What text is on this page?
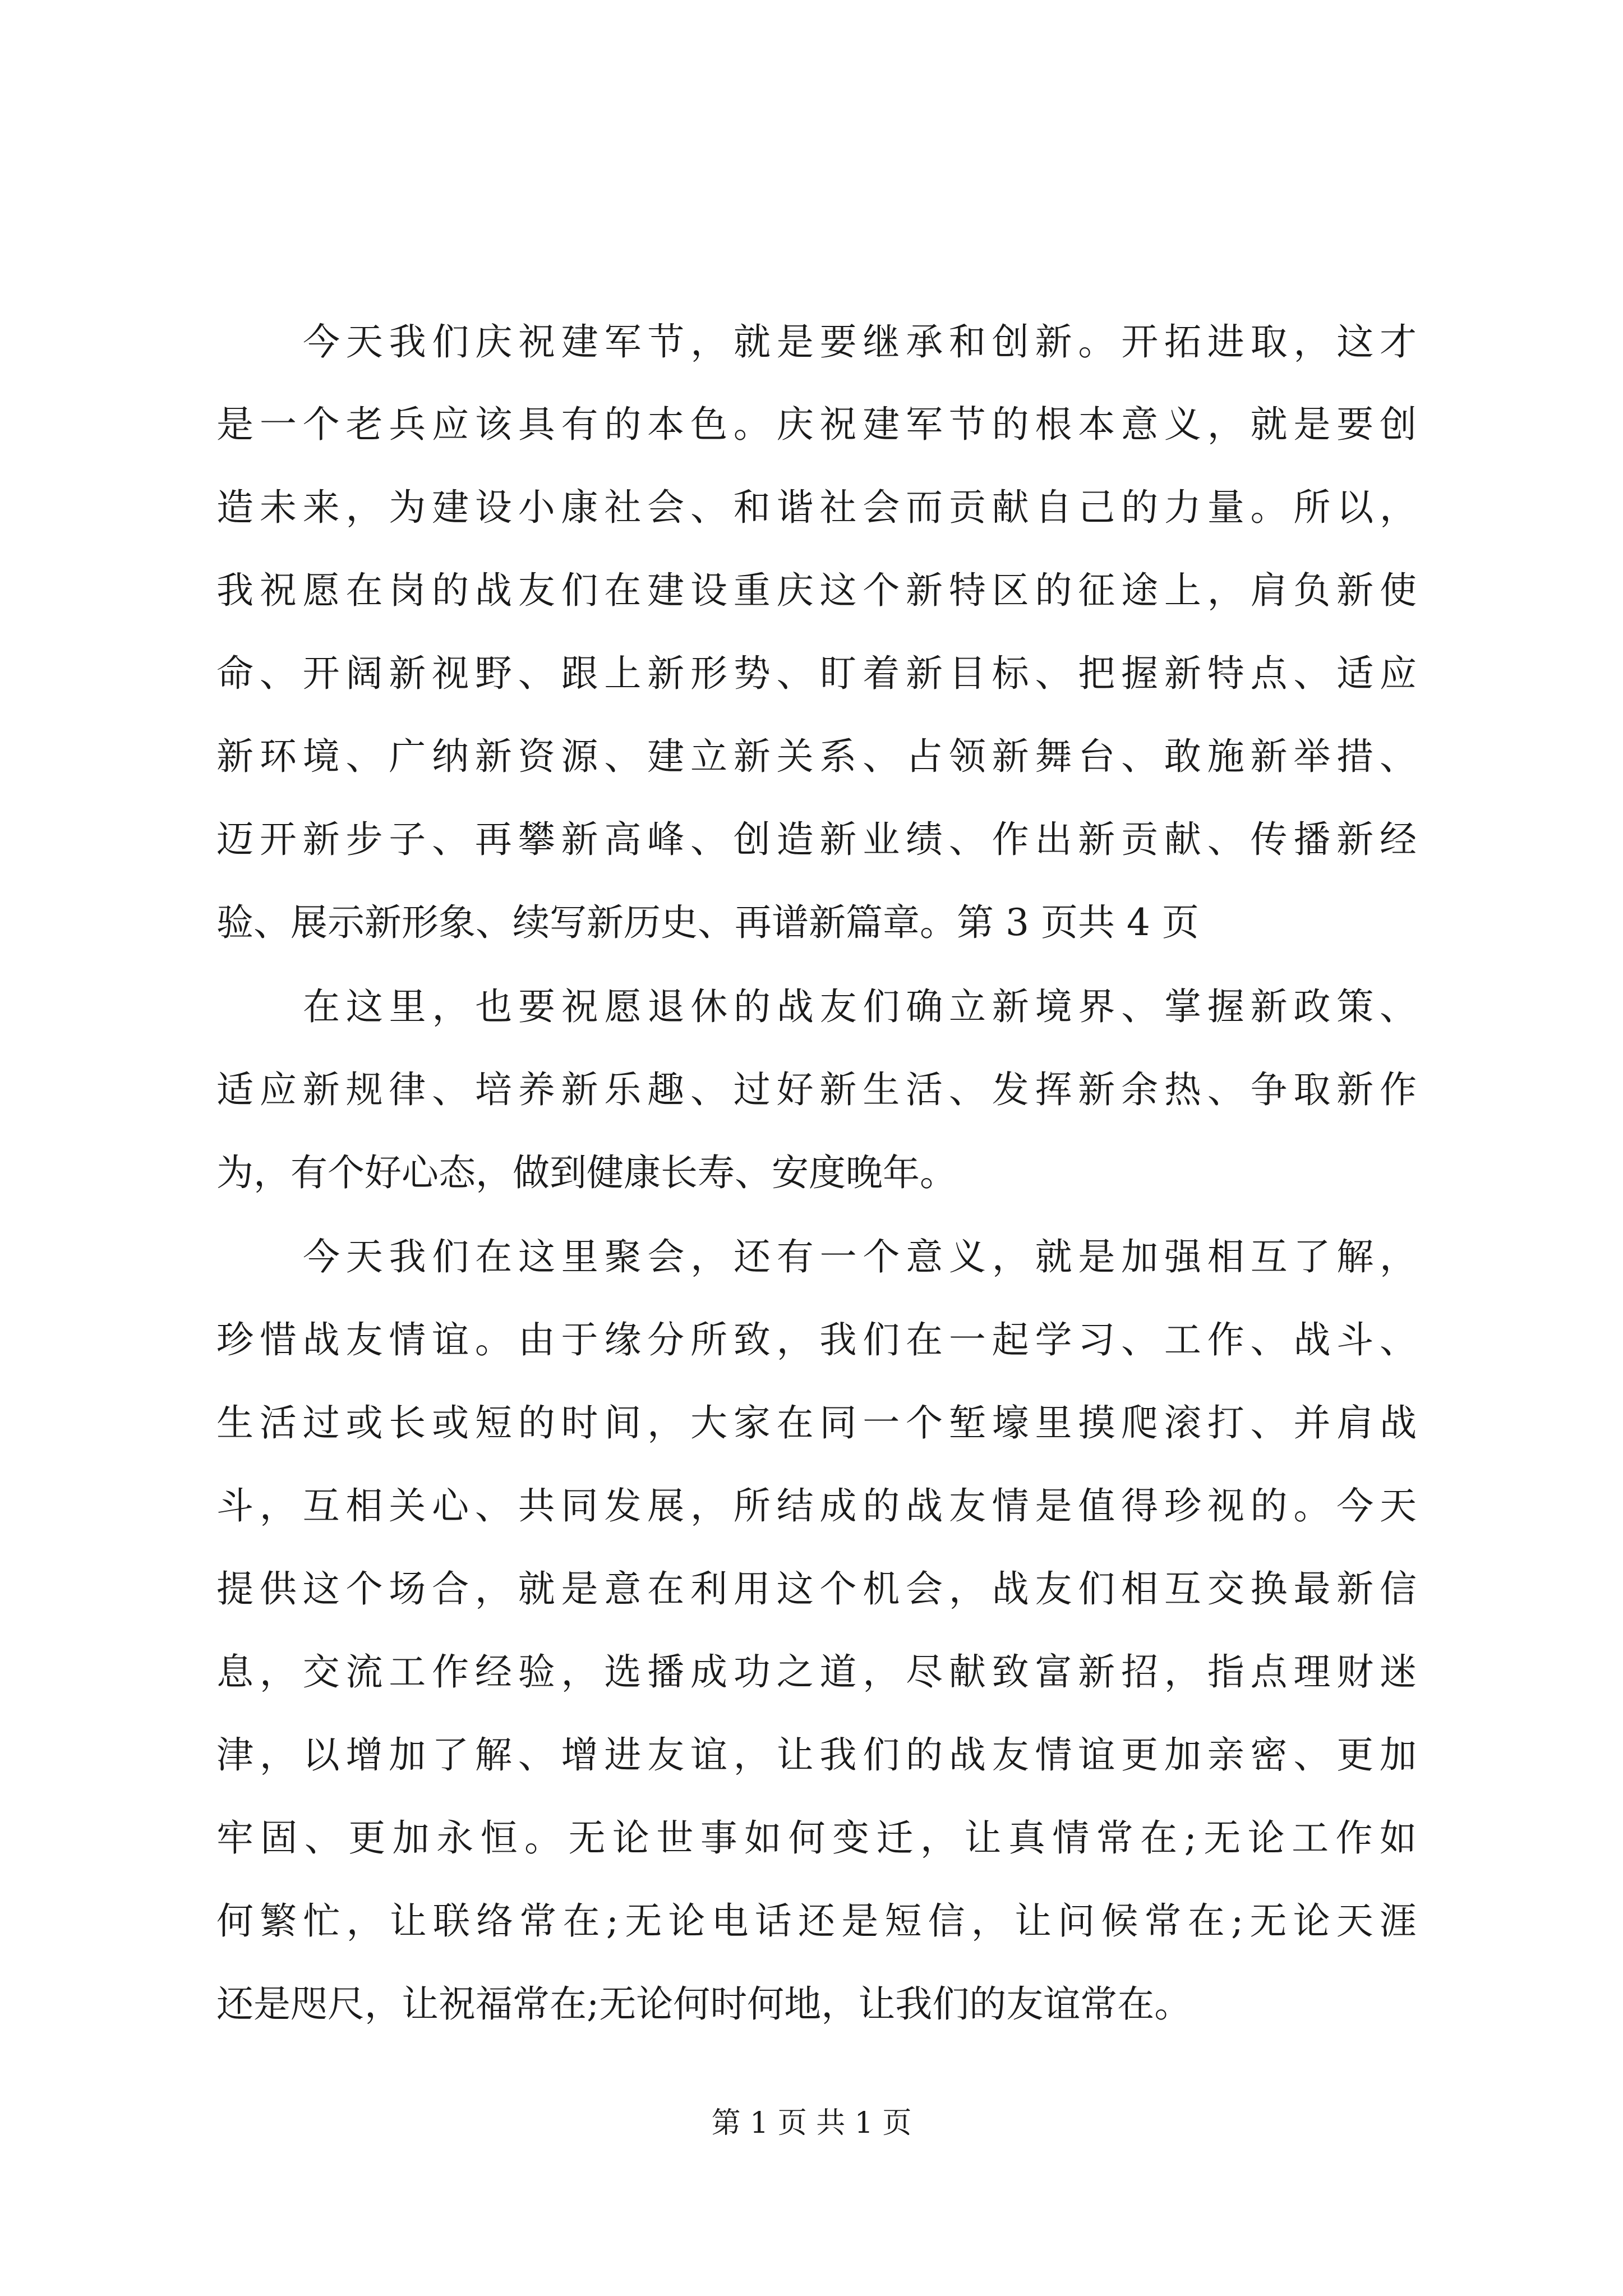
今天我们庆祝建军节，就是要继承和创新。开拓进取，这才
是一个老兵应该具有的本色。庆祝建军节的根本意义，就是要创
造未来，为建设小康社会、和谐社会而贡献自己的力量。所以，
我祝愿在岗的战友们在建设重庆这个新特区的征途上，肩负新使
命、开阔新视野、跟上新形势、盯着新目标、把握新特点、适应
新环境、广纳新资源、建立新关系、占领新舞台、敢施新举措、
迈开新步子、再攀新高峰、创造新业绩、作出新贡献、传播新经
验、展示新形象、续写新历史、再谱新篇章。第 3 页共 4 页
在这里，也要祝愿退休的战友们确立新境界、掌握新政策、
适应新规律、培养新乐趣、过好新生活、发挥新余热、争取新作
为，有个好心态，做到健康长寿、安度晚年。
今天我们在这里聚会，还有一个意义，就是加强相互了解，
珍惜战友情谊。由于缘分所致，我们在一起学习、工作、战斗、
生活过或长或短的时间，大家在同一个堑壕里摸爬滚打、并肩战
斗，互相关心、共同发展，所结成的战友情是值得珍视的。今天
提供这个场合，就是意在利用这个机会，战友们相互交换最新信
息，交流工作经验，选播成功之道，尽献致富新招，指点理财迷
津，以增加了解、增进友谊，让我们的战友情谊更加亲密、更加
牢固、更加永恒。无论世事如何变迁，让真情常在;无论工作如
何繁忙，让联络常在;无论电话还是短信，让问候常在;无论天涯
还是咫尺，让祝福常在;无论何时何地，让我们的友谊常在。
第 1 页 共 1 页
